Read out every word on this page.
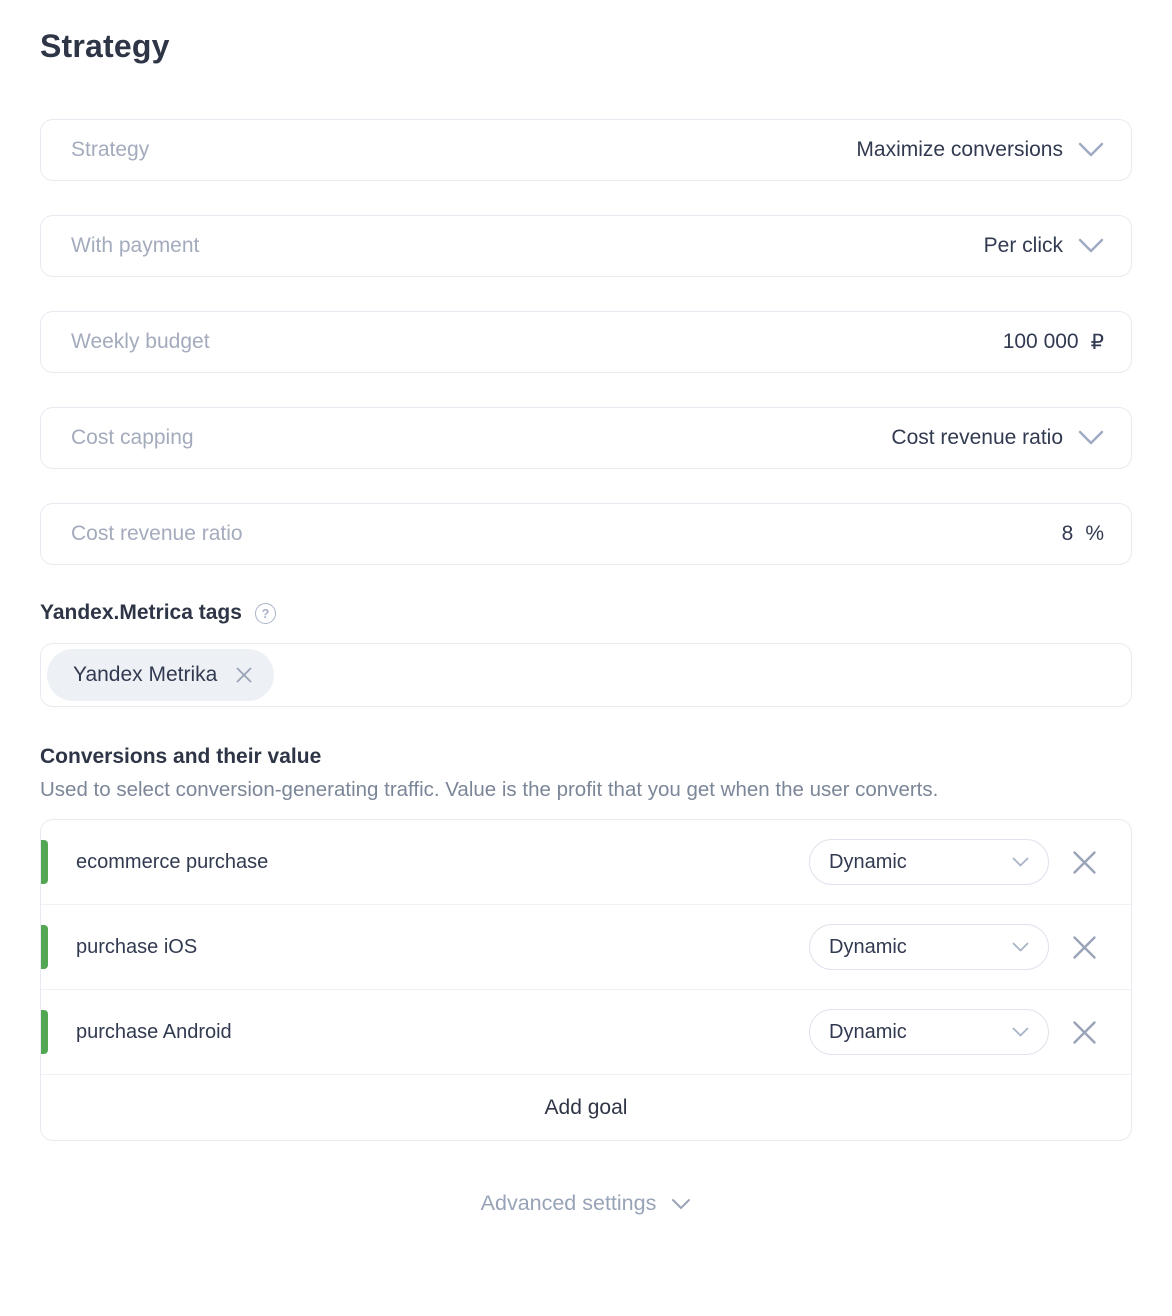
Strategy
Strategy	Maximize conversions
With payment	Per click
Weekly budget	100 000 ₽
Cost capping	Cost revenue ratio
Cost revenue ratio	8 %
Yandex.Metrica tags	?
Yandex Metrika
Conversions and their value
Used to select conversion-generating traffic. Value is the profit that you get when the user converts.
ecommerce purchase	Dynamic
purchase iOS	Dynamic
purchase Android	Dynamic
Add goal
Advanced settings
